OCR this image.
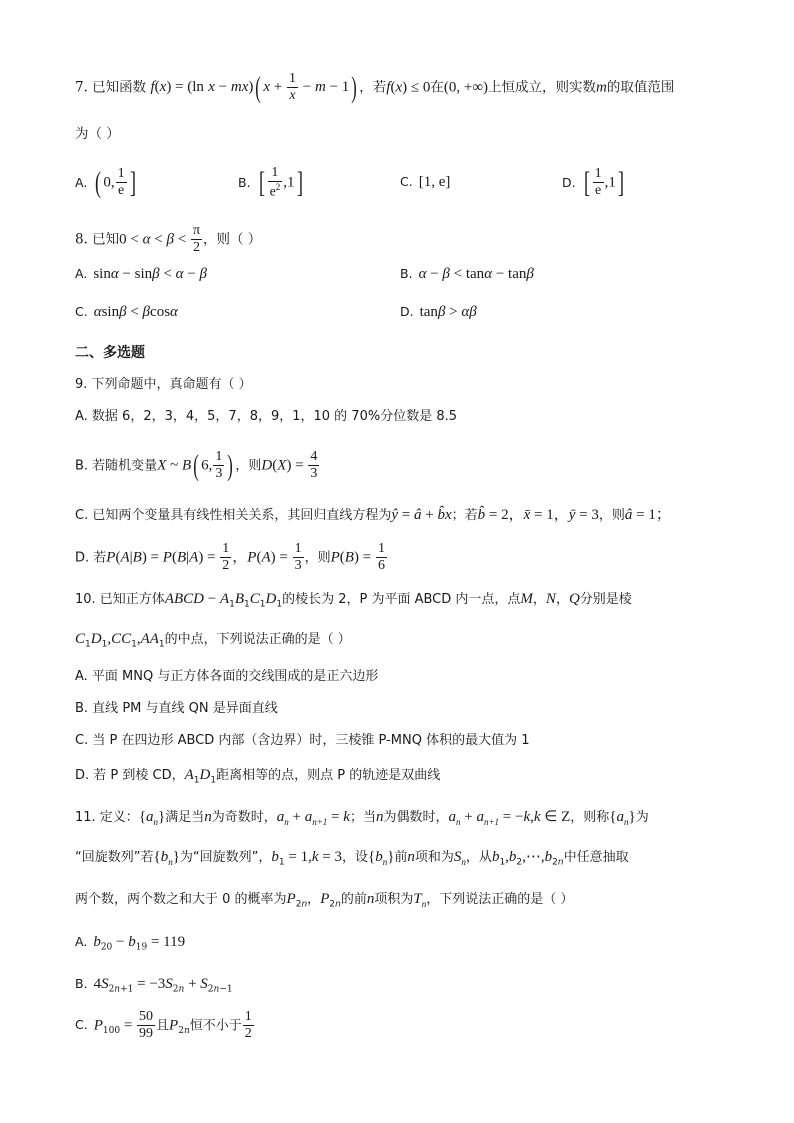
7. 已知函数 f(x) = (ln x − mx)( $x + \frac{1}{x} - m - 1$) ，若f(x) ≤ 0在(0, +∞)上恒成立，则实数m的取值范围
为（ ）
A. ( 0, $\frac{1}{e}$ ]	B. [ $\frac{1}{e^2} ,1$]	C. [1, e]	D. [ $\frac{1}{e} ,1$]
8. 已知$0 < \alpha < \beta < \frac{\pi}{2}$ ，则（ ）
A. sinα − sinβ < α − β	B. α − β < tanα − tanβ
C. αsinβ < βcosα	D. tanβ > αβ
二、多选题
9. 下列命题中，真命题有（ ）
A. 数据 6，2，3，4，5，7，8，9，1，10 的 70%分位数是 8.5
B. 若随机变量X ~ B( 6, $\frac{1}{3}$ ) ，则$D(X) = \frac{4}{3}$
C. 已知两个变量具有线性相关关系，其回归直线方程为ŷ = â + b̂x；若b̂ = 2，x̄ = 1，ȳ = 3，则â = 1；
D. 若$P(A|B) = P(B|A) = \frac{1}{2}$ ，$P(A) = \frac{1}{3}$ ，则$P(B) = \frac{1}{6}$
10. 已知正方体ABCD − $A_1B_1C_1D_1$的棱长为 2，P 为平面 ABCD 内一点，点M，N，Q分别是棱
$C_1D_1,CC_1,AA_1$的中点，下列说法正确的是（ ）
A. 平面 MNQ 与正方体各面的交线围成的是正六边形
B. 直线 PM 与直线 QN 是异面直线
C. 当 P 在四边形 ABCD 内部（含边界）时，三棱锥 P-MNQ 体积的最大值为 1
D. 若 P 到棱 CD，$A_1D_1$距离相等的点，则点 P 的轨迹是双曲线
11. 定义：$\{a_n\}$满足当n为奇数时，$a_n + a_{n+1} = k$；当n为偶数时，$a_n + a_{n+1} = -k,k$ ∈ Z，则称$\{a_n\}$为
“回旋数列”若$\{b_n\}$为“回旋数列”，$b_1 = 1,k = 3$，设$\{b_n\}$前n项和为$S_n$，从$b_1,b_2,\cdots,b_{2n}$中任意抽取
两个数，两个数之和大于 0 的概率为$P_{2n}$，$P_{2n}$的前n项积为$T_n$，下列说法正确的是（ ）
A. $b_{20} - b_{19} = 119$
B. $4S_{2n+1} = -3S_{2n} + S_{2n-1}$
C. $P_{100} = \frac{50}{99}$ 且$P_{2n}$恒不小于 $\frac{1}{2}$
